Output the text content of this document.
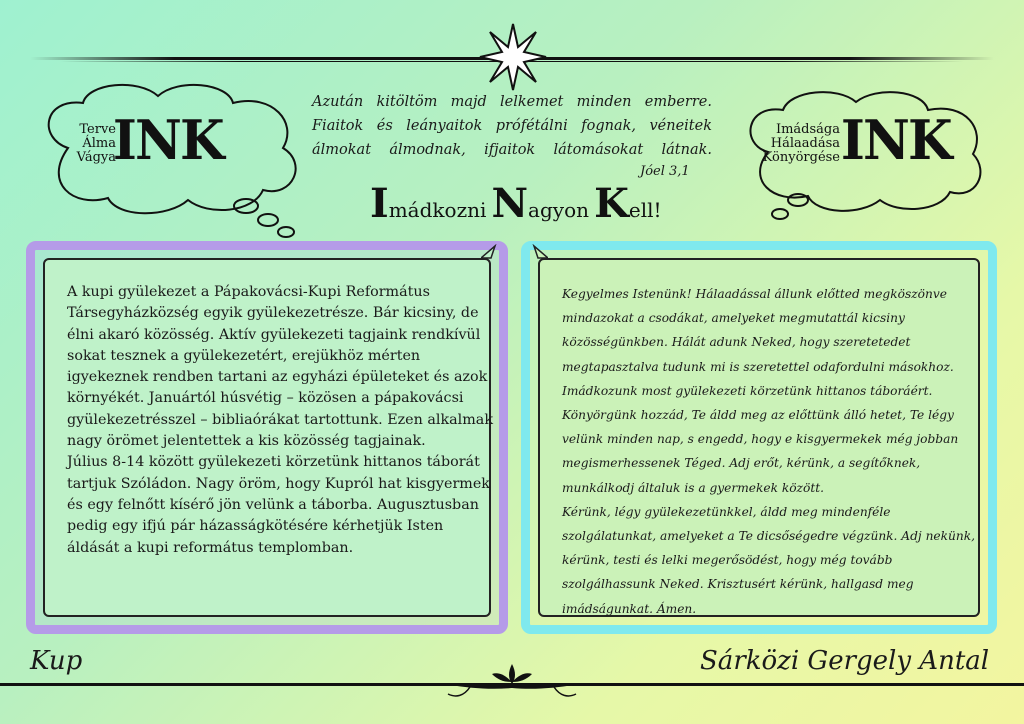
Terve
Álma
Vágya
INK	Imádsága
Hálaadása
Könyörgése INK
Azután kitöltöm majd lelkemet minden emberre. Fiaitok és leányaitok prófétálni fognak, véneitek álmokat álmodnak, ifjaitok látomásokat látnak.
Jóel 3,1
Imádkozni Nagyon Kell!

A kupi gyülekezet a Pápakovácsi-Kupi Református Társegyházközség egyik gyülekezetrésze. Bár kicsiny, de élni akaró közösség. Aktív gyülekezeti tagjaink rendkívül sokat tesznek a gyülekezetért, erejükhöz mérten igyekeznek rendben tartani az egyházi épületeket és azok környékét. Januártól húsvétig – közösen a pápakovácsi gyülekezetrésszel – bibliaórákat tartottunk. Ezen alkalmak nagy örömet jelentettek a kis közösség tagjainak.

Július 8-14 között gyülekezeti körzetünk hittanos táborát tartjuk Szóládon. Nagy öröm, hogy Kupról hat kisgyermek és egy felnőtt kísérő jön velünk a táborba. Augusztusban pedig egy ifjú pár házasságkötésére kérhetjük Isten áldását a kupi református templomban.

Kegyelmes Istenünk! Hálaadással állunk előtted megköszönve mindazokat a csodákat, amelyeket megmutattál kicsiny közösségünkben. Hálát adunk Neked, hogy szeretetedet megtapasztalva tudunk mi is szeretettel odafordulni másokhoz. Imádkozunk most gyülekezeti körzetünk hittanos táboráért. Könyörgünk hozzád, Te áldd meg az előttünk álló hetet, Te légy velünk minden nap, s engedd, hogy e kisgyermekek még jobban megismerhessenek Téged. Adj erőt, kérünk, a segítőknek, munkálkodj általuk is a gyermekek között.

Kérünk, légy gyülekezetünkkel, áldd meg mindenféle szolgálatunkat, amelyeket a Te dicsőségedre végzünk. Adj nekünk, kérünk, testi és lelki megerősödést, hogy még tovább szolgálhassunk Neked. Krisztusért kérünk, hallgasd meg imádságunkat. Ámen.

Kup	Sárközi Gergely Antal
